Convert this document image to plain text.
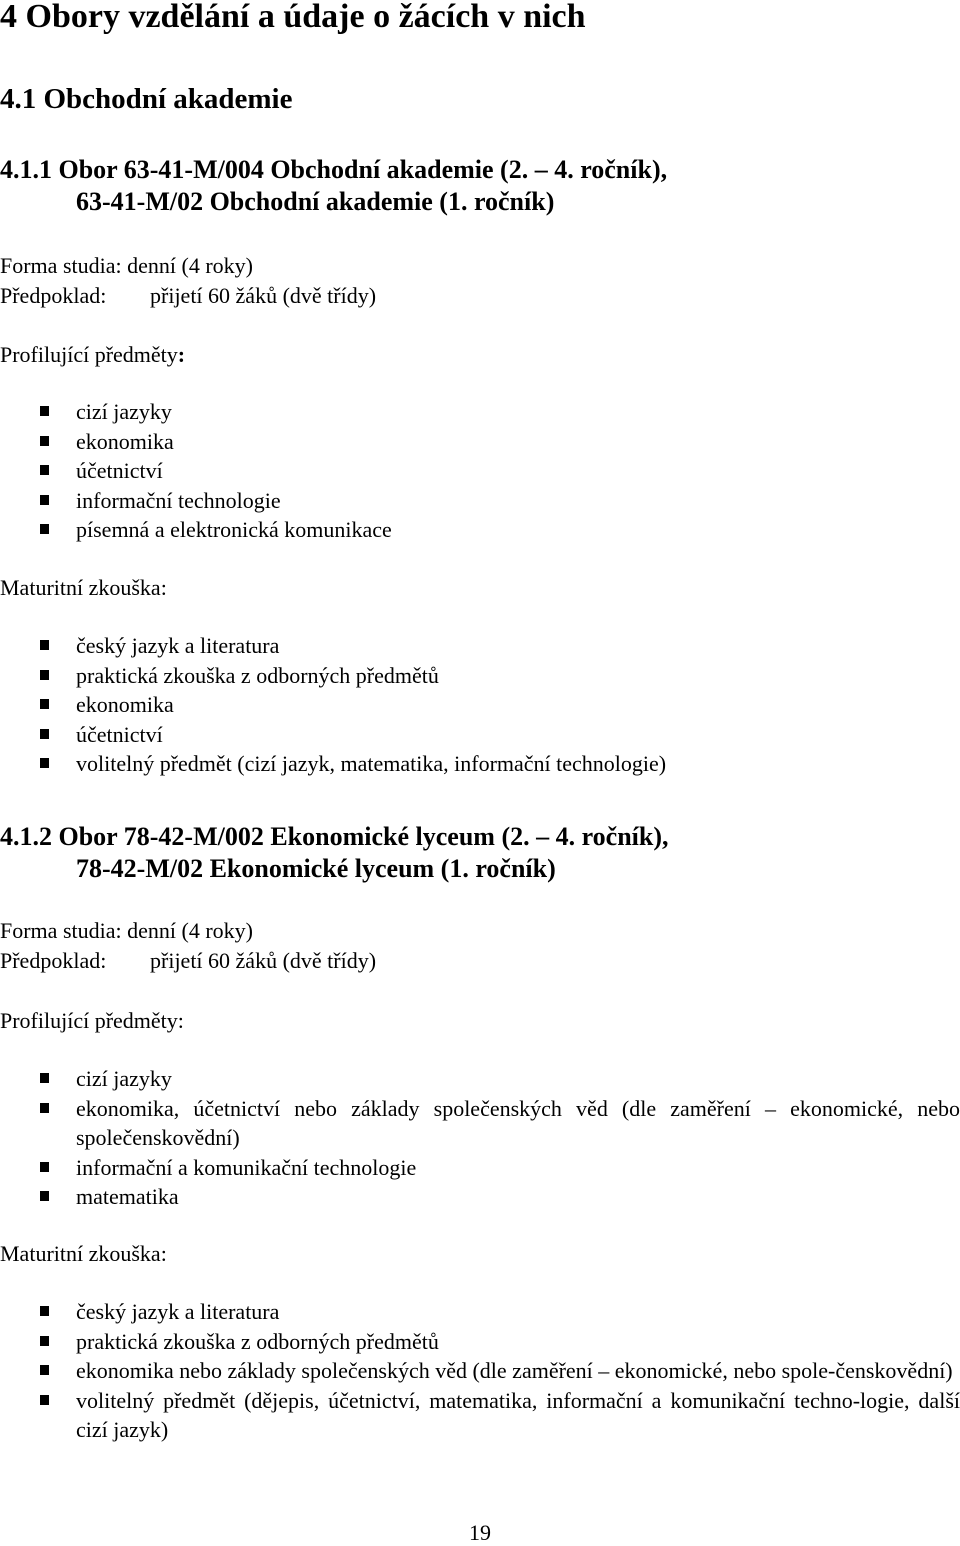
4 Obory vzdělání a údaje o žácích v nich
4.1 Obchodní akademie
4.1.1 Obor 63-41-M/004 Obchodní akademie (2. – 4. ročník),
63-41-M/02 Obchodní akademie (1. ročník)

Forma studia: denní (4 roky)

Předpoklad: přijetí 60 žáků (dvě třídy)

Profilující předměty:

cizí jazyky
ekonomika
účetnictví
informační technologie
písemná a elektronická komunikace

Maturitní zkouška:

český jazyk a literatura
praktická zkouška z odborných předmětů
ekonomika
účetnictví
volitelný předmět (cizí jazyk, matematika, informační technologie)
4.1.2 Obor 78-42-M/002 Ekonomické lyceum (2. – 4. ročník),
78-42-M/02 Ekonomické lyceum (1. ročník)

Forma studia: denní (4 roky)

Předpoklad: přijetí 60 žáků (dvě třídy)

Profilující předměty:

cizí jazyky
ekonomika, účetnictví nebo základy společenských věd (dle zaměření – ekonomické, nebo společenskovědní)
informační a komunikační technologie
matematika

Maturitní zkouška:

český jazyk a literatura
praktická zkouška z odborných předmětů
ekonomika nebo základy společenských věd (dle zaměření – ekonomické, nebo spole-čenskovědní)
volitelný předmět (dějepis, účetnictví, matematika, informační a komunikační techno-logie, další cizí jazyk)
19
